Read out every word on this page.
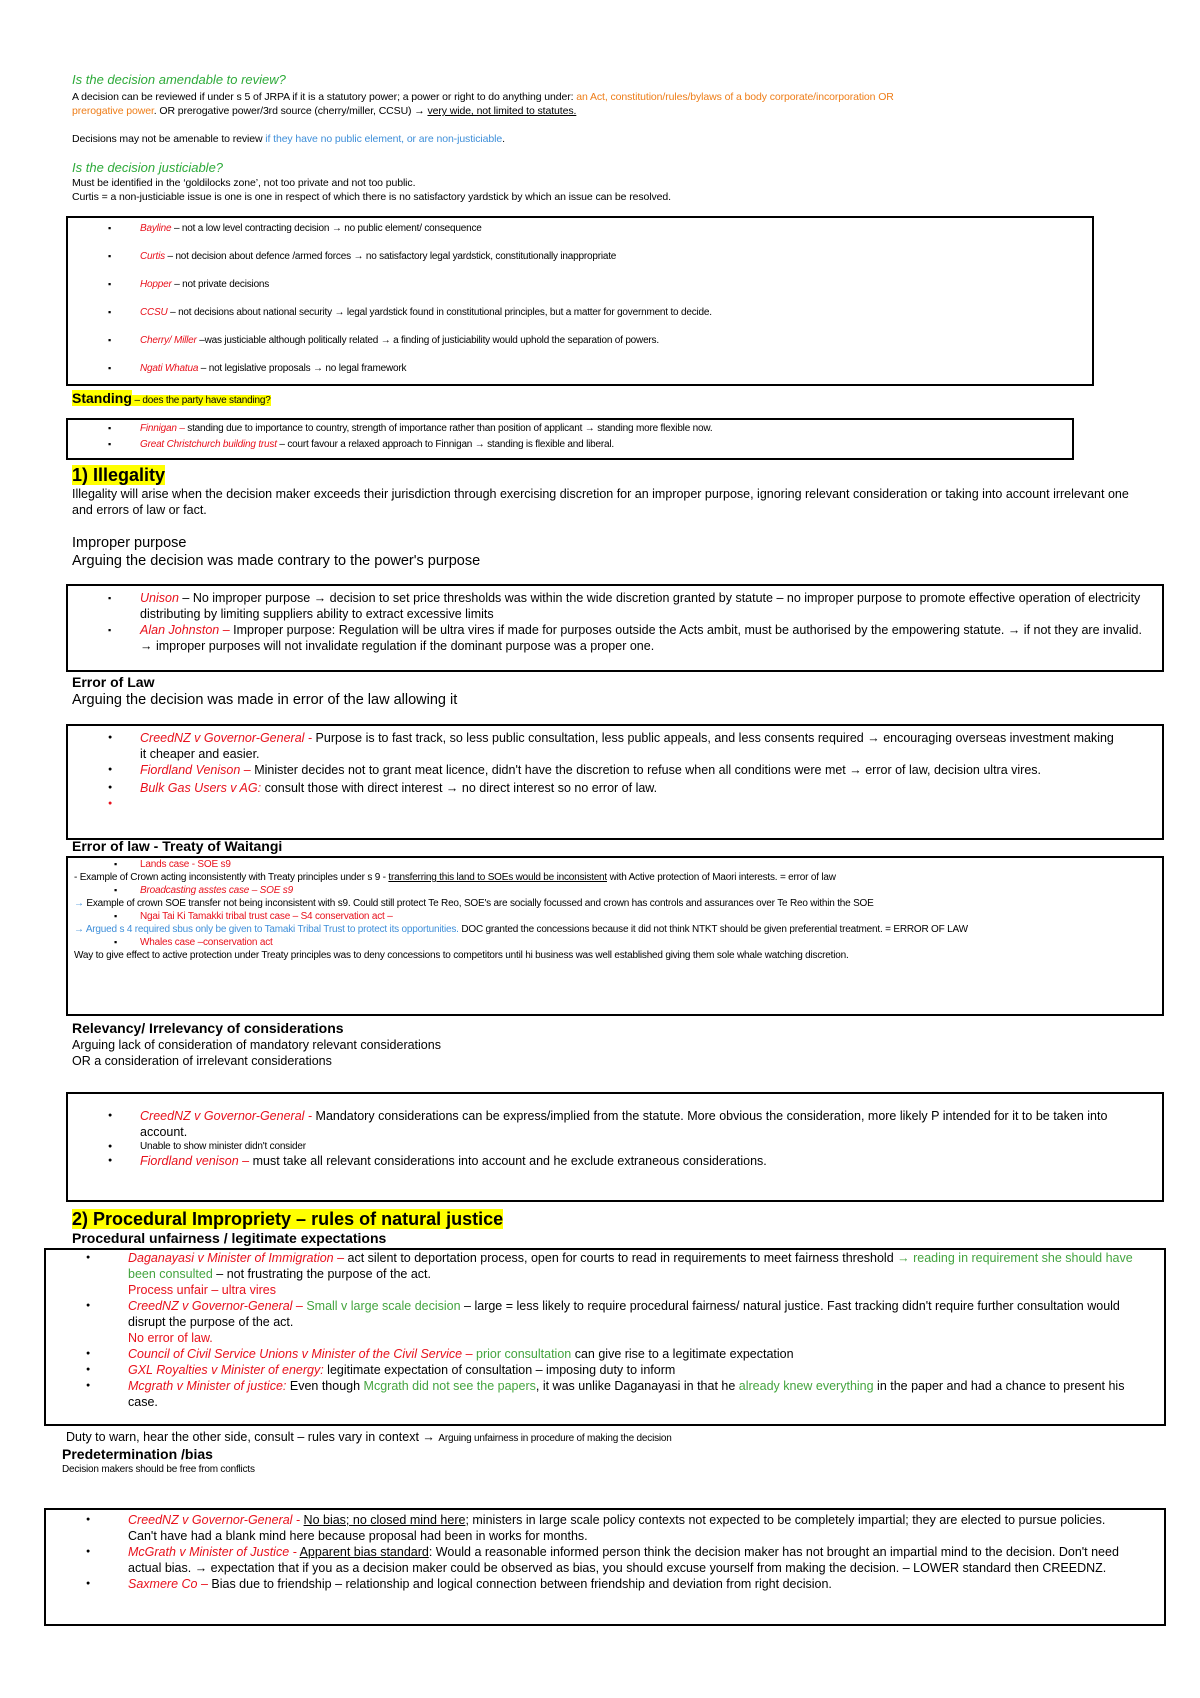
Is the decision amendable to review?
A decision can be reviewed if under s 5 of JRPA if it is a statutory power; a power or right to do anything under: an Act, constitution/rules/bylaws of a body corporate/incorporation OR
prerogative power. OR prerogative power/3rd source (cherry/miller, CCSU) → very wide, not limited to statutes.
Decisions may not be amenable to review if they have no public element, or are non-justiciable.
Is the decision justiciable?
Must be identified in the ‘goldilocks zone’, not too private and not too public.
Curtis = a non-justiciable issue is one is one in respect of which there is no satisfactory yardstick by which an issue can be resolved.
▪ Bayline – not a low level contracting decision → no public element/ consequence
▪ Curtis – not decision about defence /armed forces → no satisfactory legal yardstick, constitutionally inappropriate
▪ Hopper – not private decisions
▪ CCSU – not decisions about national security → legal yardstick found in constitutional principles, but a matter for government to decide.
▪ Cherry/ Miller –was justiciable although politically related → a finding of justiciability would uphold the separation of powers.
▪ Ngati Whatua – not legislative proposals → no legal framework
Standing – does the party have standing?
▪ Finnigan – standing due to importance to country, strength of importance rather than position of applicant → standing more flexible now.
▪ Great Christchurch building trust – court favour a relaxed approach to Finnigan → standing is flexible and liberal.
1) Illegality
Illegality will arise when the decision maker exceeds their jurisdiction through exercising discretion for an improper purpose, ignoring relevant consideration or taking into account irrelevant one and errors of law or fact.
Improper purpose
Arguing the decision was made contrary to the power's purpose
▪ Unison – No improper purpose → decision to set price thresholds was within the wide discretion granted by statute – no improper purpose to promote effective operation of electricity distributing by limiting suppliers ability to extract excessive limits
▪ Alan Johnston – Improper purpose: Regulation will be ultra vires if made for purposes outside the Acts ambit, must be authorised by the empowering statute. → if not they are invalid. → improper purposes will not invalidate regulation if the dominant purpose was a proper one.
Error of Law
Arguing the decision was made in error of the law allowing it
● CreedNZ v Governor-General - Purpose is to fast track, so less public consultation, less public appeals, and less consents required → encouraging overseas investment making it cheaper and easier.
● Fiordland Venison – Minister decides not to grant meat licence, didn't have the discretion to refuse when all conditions were met → error of law, decision ultra vires.
● Bulk Gas Users v AG: consult those with direct interest → no direct interest so no error of law.
●
Error of law - Treaty of Waitangi
▪ Lands case - SOE s9
- Example of Crown acting inconsistently with Treaty principles under s 9 - transferring this land to SOEs would be inconsistent with Active protection of Maori interests. = error of law
▪ Broadcasting asstes case – SOE s9
→ Example of crown SOE transfer not being inconsistent with s9. Could still protect Te Reo, SOE's are socially focussed and crown has controls and assurances over Te Reo within the SOE
▪ Ngai Tai Ki Tamakki tribal trust case – S4 conservation act –
→ Argued s 4 required sbus only be given to Tamaki Tribal Trust to protect its opportunities. DOC granted the concessions because it did not think NTKT should be given preferential treatment. = ERROR OF LAW
▪ Whales case –conservation act
Way to give effect to active protection under Treaty principles was to deny concessions to competitors until hi business was well established giving them sole whale watching discretion.
Relevancy/ Irrelevancy of considerations
Arguing lack of consideration of mandatory relevant considerations
OR a consideration of irrelevant considerations
● CreedNZ v Governor-General - Mandatory considerations can be express/implied from the statute. More obvious the consideration, more likely P intended for it to be taken into account.
● Unable to show minister didn't consider
● Fiordland venison – must take all relevant considerations into account and he exclude extraneous considerations.
2) Procedural Impropriety – rules of natural justice
Procedural unfairness / legitimate expectations
● Daganayasi v Minister of Immigration – act silent to deportation process, open for courts to read in requirements to meet fairness threshold → reading in requirement she should have been consulted – not frustrating the purpose of the act.
Process unfair – ultra vires
● CreedNZ v Governor-General – Small v large scale decision – large = less likely to require procedural fairness/ natural justice. Fast tracking didn't require further consultation would disrupt the purpose of the act.
No error of law.
● Council of Civil Service Unions v Minister of the Civil Service – prior consultation can give rise to a legitimate expectation
● GXL Royalties v Minister of energy: legitimate expectation of consultation – imposing duty to inform
● Mcgrath v Minister of justice: Even though Mcgrath did not see the papers, it was unlike Daganayasi in that he already knew everything in the paper and had a chance to present his case.
Duty to warn, hear the other side, consult – rules vary in context → Arguing unfairness in procedure of making the decision
Predetermination /bias
Decision makers should be free from conflicts
● CreedNZ v Governor-General - No bias; no closed mind here; ministers in large scale policy contexts not expected to be completely impartial; they are elected to pursue policies. Can't have had a blank mind here because proposal had been in works for months.
● McGrath v Minister of Justice - Apparent bias standard: Would a reasonable informed person think the decision maker has not brought an impartial mind to the decision. Don't need actual bias. → expectation that if you as a decision maker could be observed as bias, you should excuse yourself from making the decision. – LOWER standard then CREEDNZ.
● Saxmere Co – Bias due to friendship – relationship and logical connection between friendship and deviation from right decision.
